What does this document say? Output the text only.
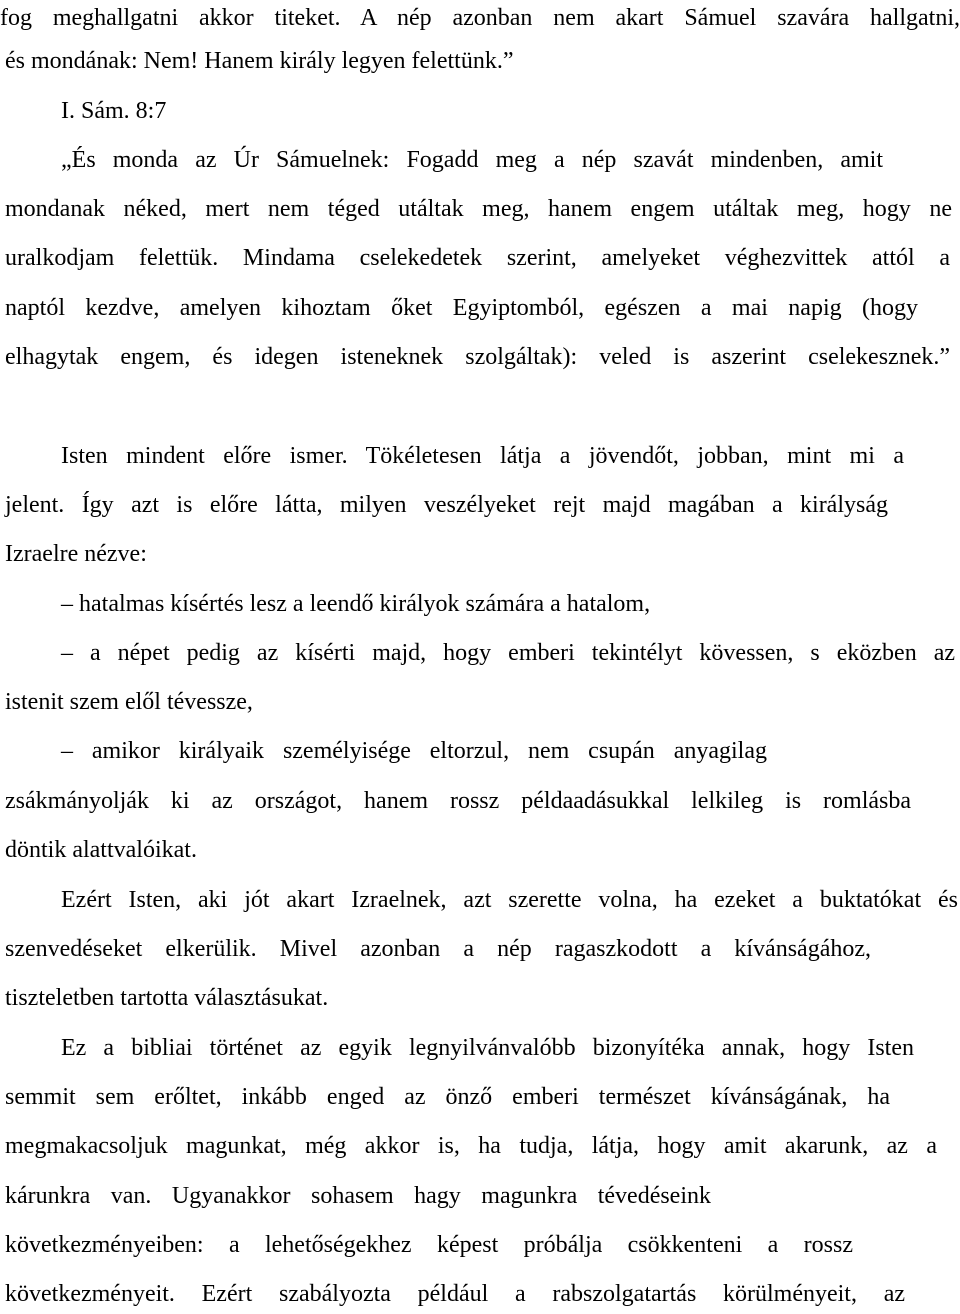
fog meghallgatni akkor titeket. A nép azonban nem akart Sámuel szavára hallgatni,
és mondának: Nem! Hanem király legyen felettünk.”
I. Sám. 8:7
„És monda az Úr Sámuelnek: Fogadd meg a nép szavát mindenben, amit
mondanak néked, mert nem téged utáltak meg, hanem engem utáltak meg, hogy ne
uralkodjam felettük. Mindama cselekedetek szerint, amelyeket véghezvittek attól a
naptól kezdve, amelyen kihoztam őket Egyiptomból, egészen a mai napig (hogy
elhagytak engem, és idegen isteneknek szolgáltak): veled is aszerint cselekesznek.”
Isten mindent előre ismer. Tökéletesen látja a jövendőt, jobban, mint mi a
jelent. Így azt is előre látta, milyen veszélyeket rejt majd magában a királyság
Izraelre nézve:
– hatalmas kísértés lesz a leendő királyok számára a hatalom,
– a népet pedig az kísérti majd, hogy emberi tekintélyt kövessen, s eközben az
istenit szem elől tévessze,
– amikor királyaik személyisége eltorzul, nem csupán anyagilag
zsákmányolják ki az országot, hanem rossz példaadásukkal lelkileg is romlásba
döntik alattvalóikat.
Ezért Isten, aki jót akart Izraelnek, azt szerette volna, ha ezeket a buktatókat és
szenvedéseket elkerülik. Mivel azonban a nép ragaszkodott a kívánságához,
tiszteletben tartotta választásukat.
Ez a bibliai történet az egyik legnyilvánvalóbb bizonyítéka annak, hogy Isten
semmit sem erőltet, inkább enged az önző emberi természet kívánságának, ha
megmakacsoljuk magunkat, még akkor is, ha tudja, látja, hogy amit akarunk, az a
kárunkra van. Ugyanakkor sohasem hagy magunkra tévedéseink
következményeiben: a lehetőségekhez képest próbálja csökkenteni a rossz
következményeit. Ezért szabályozta például a rabszolgatartás körülményeit, az
